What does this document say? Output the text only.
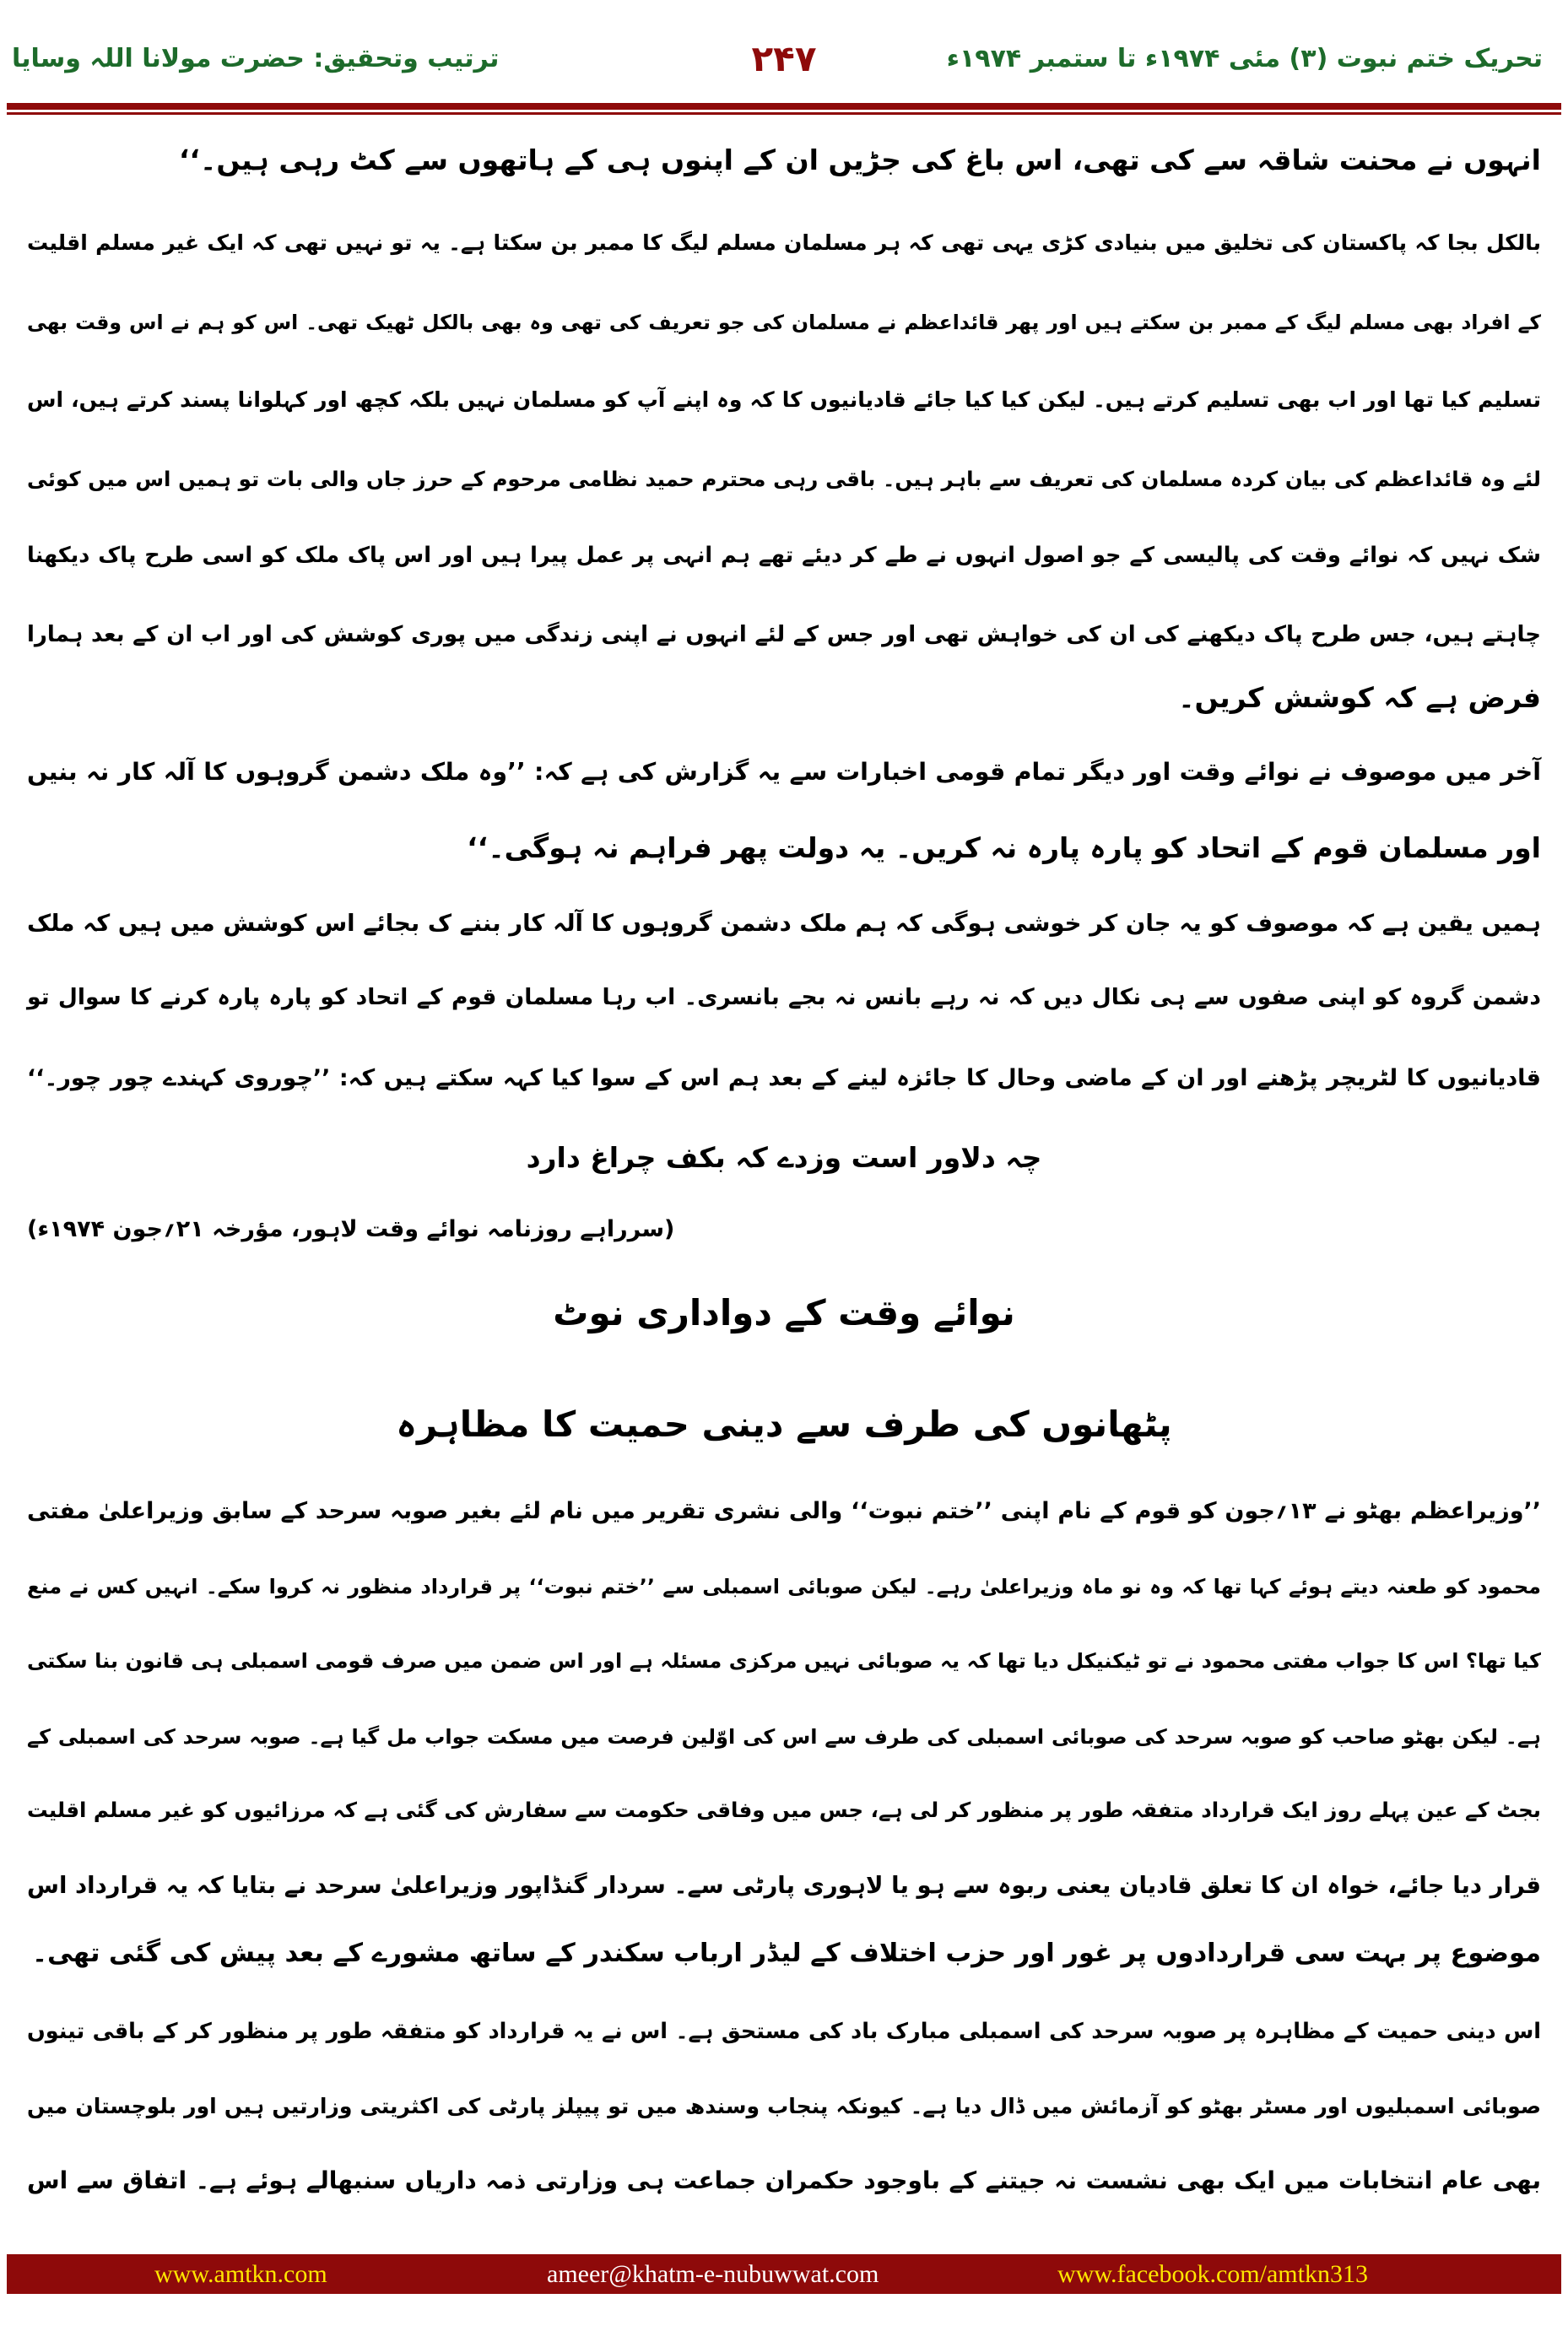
تحریک ختم نبوت (۳) مئی ۱۹۷۴ء تا ستمبر ۱۹۷۴ء
۲۴۷
ترتیب وتحقیق: حضرت مولانا اللہ وسایا
انہوں نے محنت شاقہ سے کی تھی، اس باغ کی جڑیں ان کے اپنوں ہی کے ہاتھوں سے کٹ رہی ہیں۔‘‘
بالکل بجا کہ پاکستان کی تخلیق میں بنیادی کڑی یہی تھی کہ ہر مسلمان مسلم لیگ کا ممبر بن سکتا ہے۔ یہ تو نہیں تھی کہ ایک غیر مسلم اقلیت
کے افراد بھی مسلم لیگ کے ممبر بن سکتے ہیں اور پھر قائداعظم نے مسلمان کی جو تعریف کی تھی وہ بھی بالکل ٹھیک تھی۔ اس کو ہم نے اس وقت بھی
تسلیم کیا تھا اور اب بھی تسلیم کرتے ہیں۔ لیکن کیا کیا جائے قادیانیوں کا کہ وہ اپنے آپ کو مسلمان نہیں بلکہ کچھ اور کہلوانا پسند کرتے ہیں، اس
لئے وہ قائداعظم کی بیان کردہ مسلمان کی تعریف سے باہر ہیں۔ باقی رہی محترم حمید نظامی مرحوم کے حرز جاں والی بات تو ہمیں اس میں کوئی
شک نہیں کہ نوائے وقت کی پالیسی کے جو اصول انہوں نے طے کر دیئے تھے ہم انہی پر عمل پیرا ہیں اور اس پاک ملک کو اسی طرح پاک دیکھنا
چاہتے ہیں، جس طرح پاک دیکھنے کی ان کی خواہش تھی اور جس کے لئے انہوں نے اپنی زندگی میں پوری کوشش کی اور اب ان کے بعد ہمارا
فرض ہے کہ کوشش کریں۔
آخر میں موصوف نے نوائے وقت اور دیگر تمام قومی اخبارات سے یہ گزارش کی ہے کہ: ’’وہ ملک دشمن گروہوں کا آلہ کار نہ بنیں
اور مسلمان قوم کے اتحاد کو پارہ پارہ نہ کریں۔ یہ دولت پھر فراہم نہ ہوگی۔‘‘
ہمیں یقین ہے کہ موصوف کو یہ جان کر خوشی ہوگی کہ ہم ملک دشمن گروہوں کا آلہ کار بننے ک بجائے اس کوشش میں ہیں کہ ملک
دشمن گروہ کو اپنی صفوں سے ہی نکال دیں کہ نہ رہے بانس نہ بجے بانسری۔ اب رہا مسلمان قوم کے اتحاد کو پارہ پارہ کرنے کا سوال تو
قادیانیوں کا لٹریچر پڑھنے اور ان کے ماضی وحال کا جائزہ لینے کے بعد ہم اس کے سوا کیا کہہ سکتے ہیں کہ: ’’چوروی کہندے چور چور۔‘‘
چہ دلاور است وزدے کہ بکف چراغ دارد
(سرراہے روزنامہ نوائے وقت لاہور، مؤرخہ ۲۱؍جون ۱۹۷۴ء)
نوائے وقت کے دواداری نوٹ
پٹھانوں کی طرف سے دینی حمیت کا مظاہرہ
’’وزیراعظم بھٹو نے ۱۳؍جون کو قوم کے نام اپنی ’’ختم نبوت‘‘ والی نشری تقریر میں نام لئے بغیر صوبہ سرحد کے سابق وزیراعلیٰ مفتی
محمود کو طعنہ دیتے ہوئے کہا تھا کہ وہ نو ماہ وزیراعلیٰ رہے۔ لیکن صوبائی اسمبلی سے ’’ختم نبوت‘‘ پر قرارداد منظور نہ کروا سکے۔ انہیں کس نے منع
کیا تھا؟ اس کا جواب مفتی محمود نے تو ٹیکنیکل دیا تھا کہ یہ صوبائی نہیں مرکزی مسئلہ ہے اور اس ضمن میں صرف قومی اسمبلی ہی قانون بنا سکتی
ہے۔ لیکن بھٹو صاحب کو صوبہ سرحد کی صوبائی اسمبلی کی طرف سے اس کی اوّلین فرصت میں مسکت جواب مل گیا ہے۔ صوبہ سرحد کی اسمبلی کے
بجٹ کے عین پہلے روز ایک قرارداد متفقہ طور پر منظور کر لی ہے، جس میں وفاقی حکومت سے سفارش کی گئی ہے کہ مرزائیوں کو غیر مسلم اقلیت
قرار دیا جائے، خواہ ان کا تعلق قادیان یعنی ربوہ سے ہو یا لاہوری پارٹی سے۔ سردار گنڈاپور وزیراعلیٰ سرحد نے بتایا کہ یہ قرارداد اس
موضوع پر بہت سی قراردادوں پر غور اور حزب اختلاف کے لیڈر ارباب سکندر کے ساتھ مشورے کے بعد پیش کی گئی تھی۔
اس دینی حمیت کے مظاہرہ پر صوبہ سرحد کی اسمبلی مبارک باد کی مستحق ہے۔ اس نے یہ قرارداد کو متفقہ طور پر منظور کر کے باقی تینوں
صوبائی اسمبلیوں اور مسٹر بھٹو کو آزمائش میں ڈال دیا ہے۔ کیونکہ پنجاب وسندھ میں تو پیپلز پارٹی کی اکثریتی وزارتیں ہیں اور بلوچستان میں
بھی عام انتخابات میں ایک بھی نشست نہ جیتنے کے باوجود حکمران جماعت ہی وزارتی ذمہ داریاں سنبھالے ہوئے ہے۔ اتفاق سے اس
www.amtkn.com	ameer@khatm-e-nubuwwat.com	www.facebook.com/amtkn313
